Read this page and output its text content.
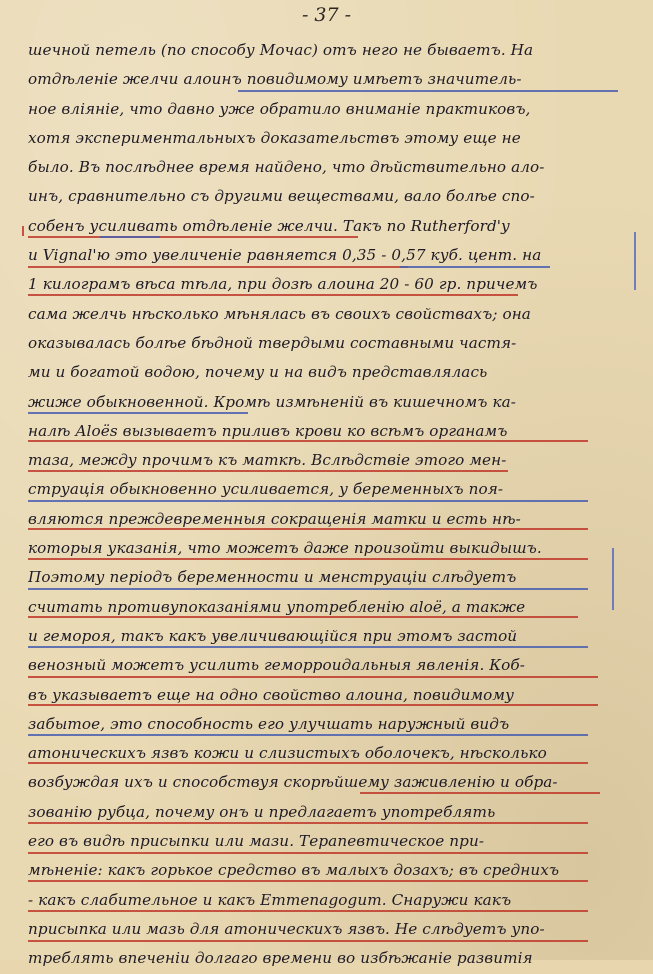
- 37 -
шечной петель (по способу Мочас) отъ него не бываетъ. На
отдѣленіе желчи алоинъ повидимому имѣетъ значитель-
ное вліяніе, что давно уже обратило вниманіе практиковъ,
хотя экспериментальныхъ доказательствъ этому еще не
было. Въ послѣднее время найдено, что дѣйствительно ало-
инъ, сравнительно съ другими веществами, вало болѣе спо-
собенъ усиливать отдѣленіе желчи. Такъ по Rutherford'у
и Vignal'ю это увеличеніе равняется 0,35 - 0,57 куб. цент. на
1 килограмъ вѣса тѣла, при дозѣ алоина 20 - 60 гр. причемъ
сама желчь нѣсколько мѣнялась въ своихъ свойствахъ; она
оказывалась болѣе бѣдной твердыми составными частя-
ми и богатой водою, почему и на видъ представлялась
жиже обыкновенной. Кромѣ измѣненій въ кишечномъ ка-
налѣ Aloës вызываетъ приливъ крови ко всѣмъ органамъ
таза, между прочимъ къ маткѣ. Вслѣдствіе этого мен-
струація обыкновенно усиливается, у беременныхъ поя-
вляются преждевременныя сокращенія матки и есть нѣ-
которыя указанія, что можетъ даже произойти выкидышъ.
Поэтому періодъ беременности и менструаціи слѣдуетъ
считать противупоказаніями употребленію aloë, а также
и гемороя, такъ какъ увеличивающійся при этомъ застой
венозный можетъ усилить геморроидальныя явленія. Коб-
въ указываетъ еще на одно свойство алоина, повидимому
забытое, это способность его улучшать наружный видъ
атоническихъ язвъ кожи и слизистыхъ оболочекъ, нѣсколько
возбуждая ихъ и способствуя скорѣйшему заживленію и обра-
зованію рубца, почему онъ и предлагаетъ употреблять
его въ видѣ присыпки или мази. Терапевтическое при-
мѣненіе: какъ горькое средство въ малыхъ дозахъ; въ среднихъ
- какъ слабительное и какъ Emmenagogum. Снаружи какъ
присыпка или мазь для атоническихъ язвъ. Не слѣдуетъ упо-
треблять впеченіи долгаго времени во избѣжаніе развитія
